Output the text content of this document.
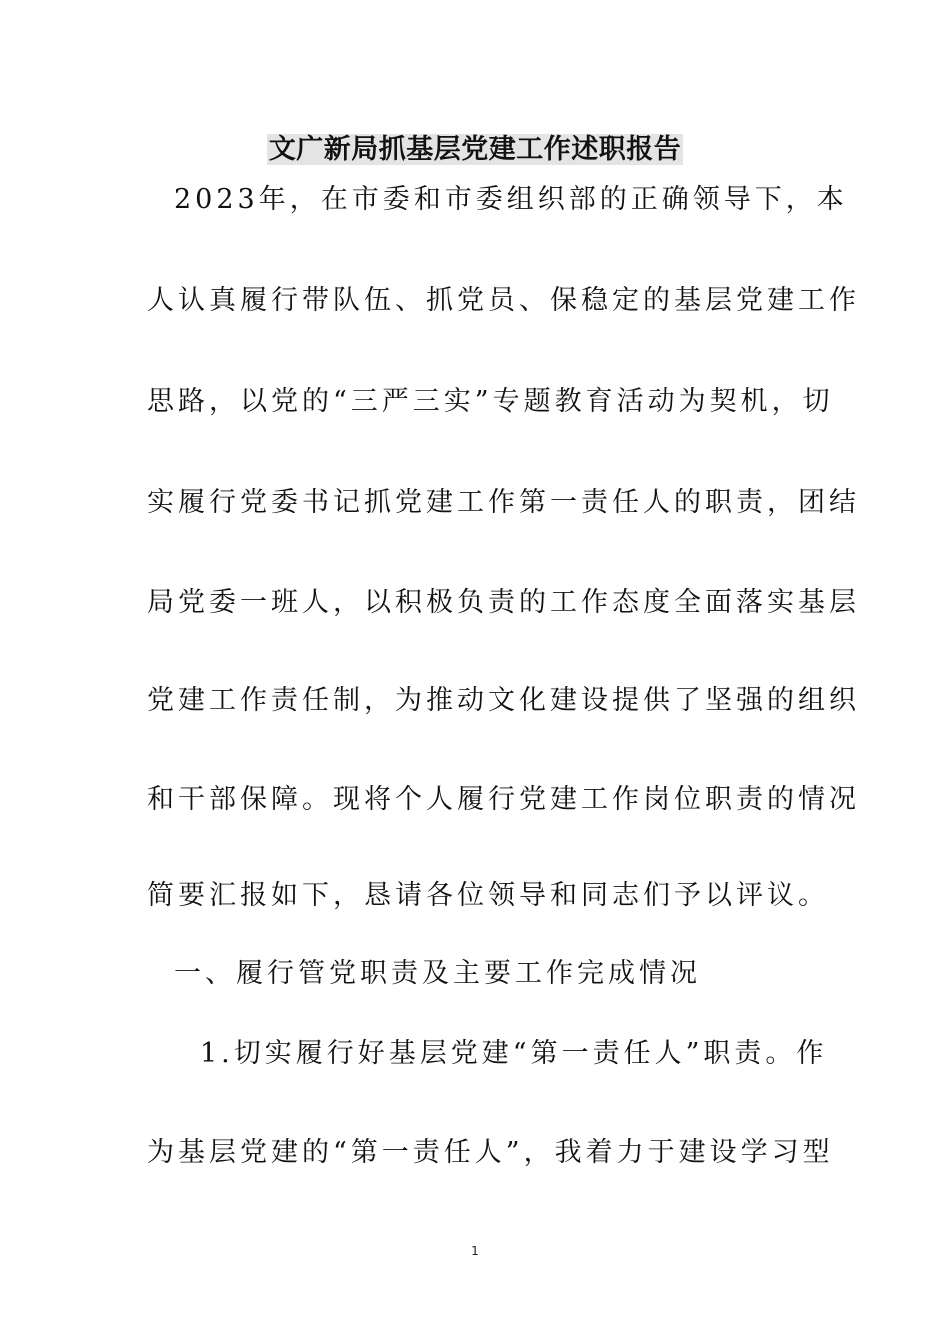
文广新局抓基层党建工作述职报告
2023年，在市委和市委组织部的正确领导下，本
人认真履行带队伍、抓党员、保稳定的基层党建工作
思路，以党的“三严三实”专题教育活动为契机，切
实履行党委书记抓党建工作第一责任人的职责，团结
局党委一班人，以积极负责的工作态度全面落实基层
党建工作责任制，为推动文化建设提供了坚强的组织
和干部保障。现将个人履行党建工作岗位职责的情况
简要汇报如下，恳请各位领导和同志们予以评议。
一、履行管党职责及主要工作完成情况
1.切实履行好基层党建“第一责任人”职责。作
为基层党建的“第一责任人”，我着力于建设学习型
1
